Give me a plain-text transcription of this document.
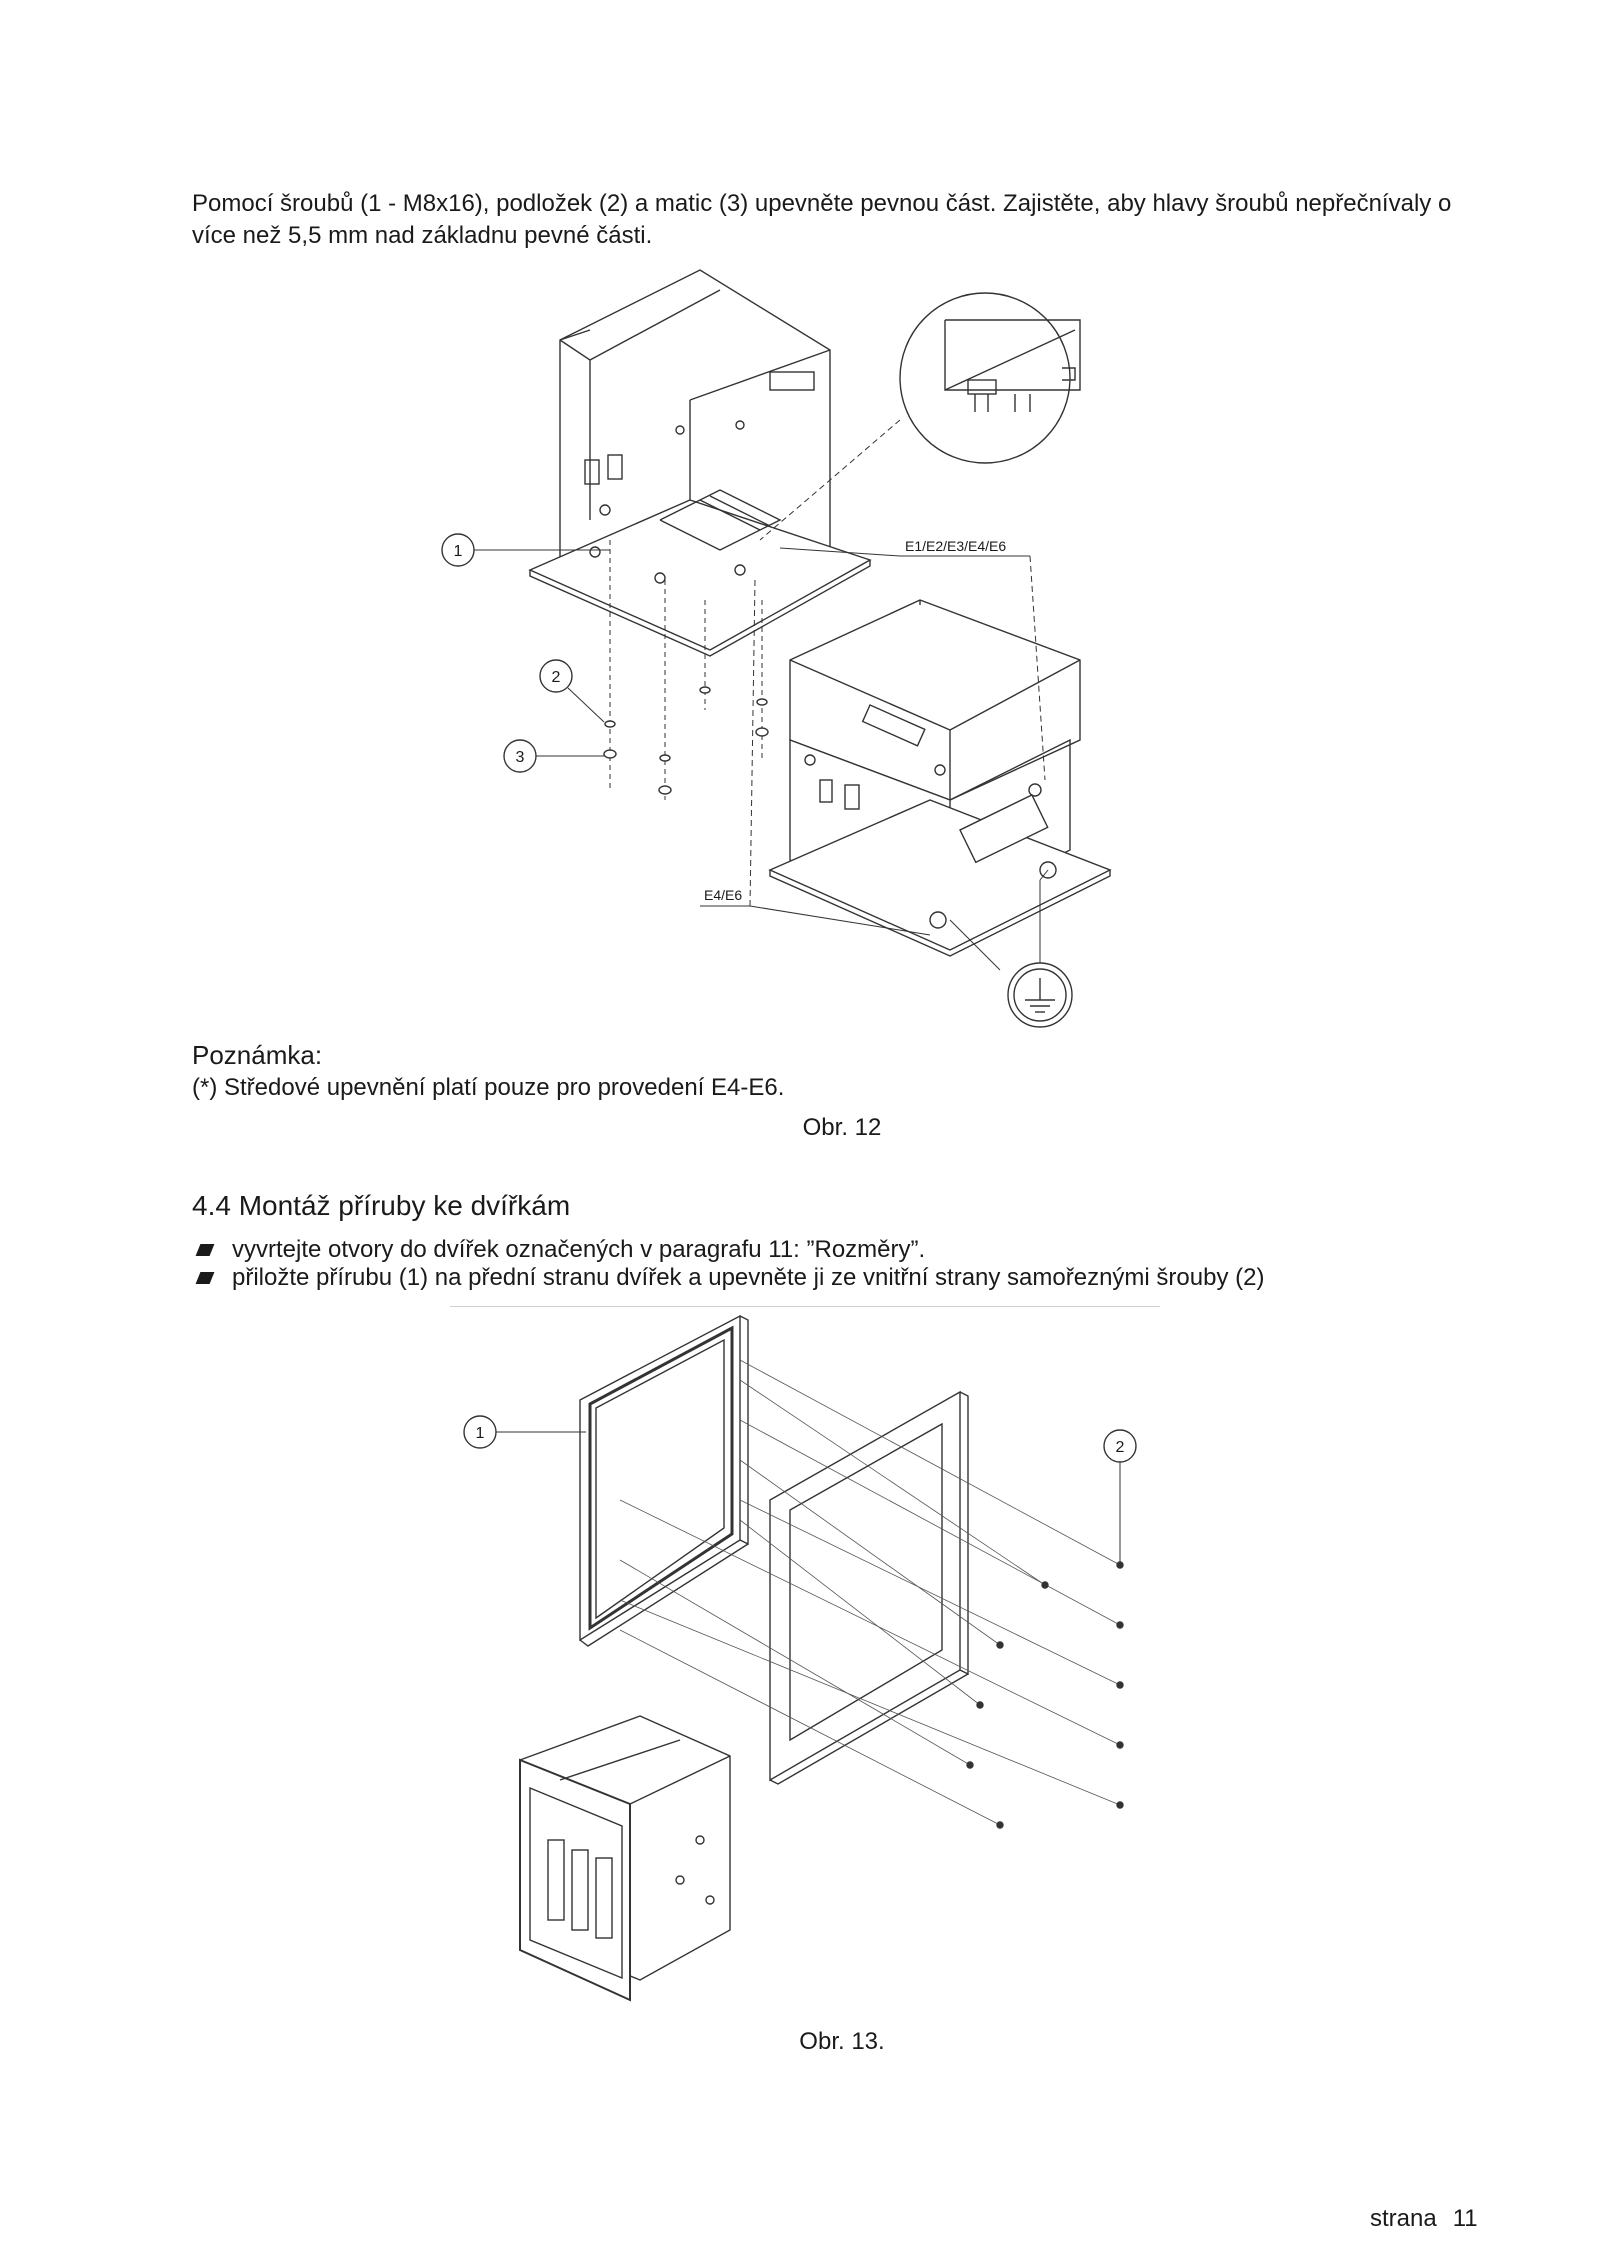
Pomocí šroubů (1 - M8x16), podložek (2) a matic (3) upevněte pevnou část. Zajistěte, aby hlavy šroubů nepřečnívaly o více než 5,5 mm nad základnu pevné části.
E1/E2/E3/E4/E6
E4/E6
1
2
3
Poznámka:
(*) Středové upevnění platí pouze pro provedení E4-E6.
Obr. 12
4.4 Montáž příruby ke dvířkám
vyvrtejte otvory do dvířek označených v paragrafu 11: ”Rozměry”.
přiložte přírubu (1) na přední stranu dvířek a upevněte ji ze vnitřní strany samořeznými šrouby (2)
1
2
Obr. 13.
strana 11
